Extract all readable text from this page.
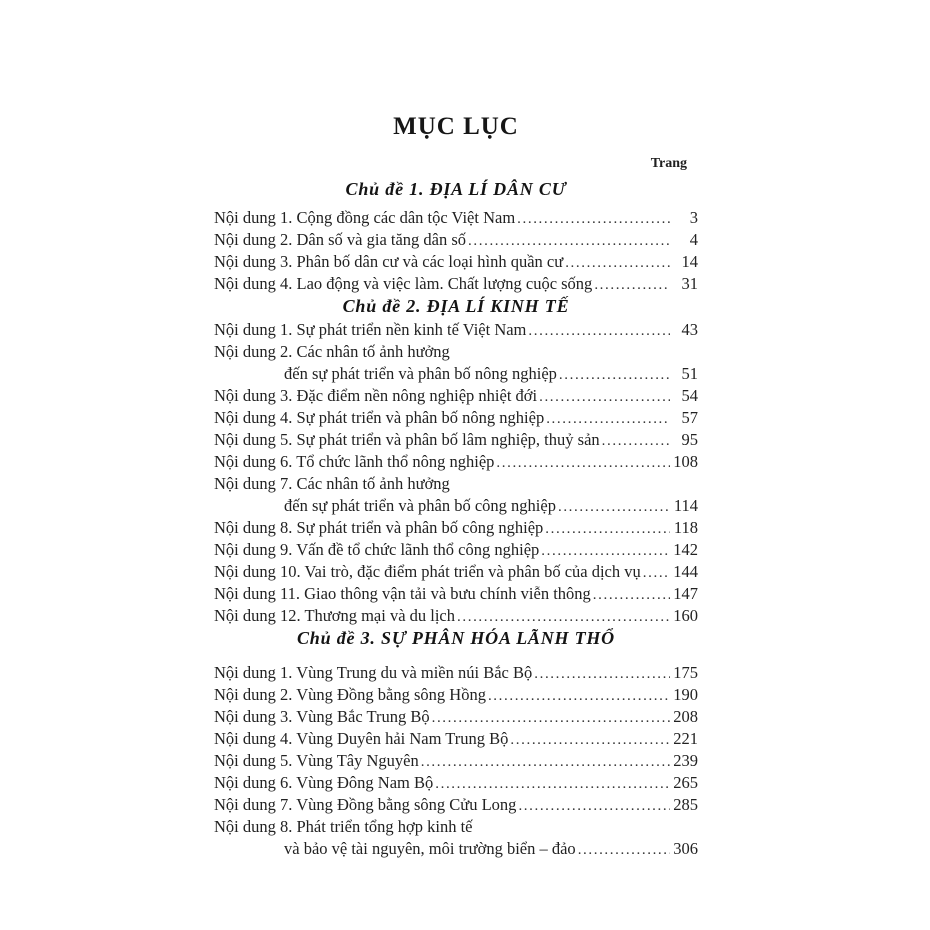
MỤC LỤC
Trang
Chủ đề 1. ĐỊA LÍ DÂN CƯ
Nội dung 1. Cộng đồng các dân tộc Việt Nam .....	3
Nội dung 2. Dân số và gia tăng dân số .....	4
Nội dung 3. Phân bố dân cư và các loại hình quần cư .....	14
Nội dung 4. Lao động và việc làm. Chất lượng cuộc sống .....	31
Chủ đề 2. ĐỊA LÍ KINH TẾ
Nội dung 1. Sự phát triển nền kinh tế Việt Nam .....	43
Nội dung 2. Các nhân tố ảnh hưởng
đến sự phát triển và phân bố nông nghiệp .....	51
Nội dung 3. Đặc điểm nền nông nghiệp nhiệt đới .....	54
Nội dung 4. Sự phát triển và phân bố nông nghiệp .....	57
Nội dung 5. Sự phát triển và phân bố lâm nghiệp, thuỷ sản .....	95
Nội dung 6. Tổ chức lãnh thổ nông nghiệp .....	108
Nội dung 7. Các nhân tố ảnh hưởng
đến sự phát triển và phân bố công nghiệp .....	114
Nội dung 8. Sự phát triển và phân bố công nghiệp .....	118
Nội dung 9. Vấn đề tổ chức lãnh thổ công nghiệp .....	142
Nội dung 10. Vai trò, đặc điểm phát triển và phân bố của dịch vụ ..... 144
Nội dung 11. Giao thông vận tải và bưu chính viễn thông .....	147
Nội dung 12. Thương mại và du lịch .....	160
Chủ đề 3. SỰ PHÂN HÓA LÃNH THỔ
Nội dung 1. Vùng Trung du và miền núi Bắc Bộ .....	175
Nội dung 2. Vùng Đồng bằng sông Hồng .....	190
Nội dung 3. Vùng Bắc Trung Bộ .....	208
Nội dung 4. Vùng Duyên hải Nam Trung Bộ .....	221
Nội dung 5. Vùng Tây Nguyên .....	239
Nội dung 6. Vùng Đông Nam Bộ .....	265
Nội dung 7. Vùng Đồng bằng sông Cửu Long .....	285
Nội dung 8. Phát triển tổng hợp kinh tế
và bảo vệ tài nguyên, môi trường biển – đảo .....	306
